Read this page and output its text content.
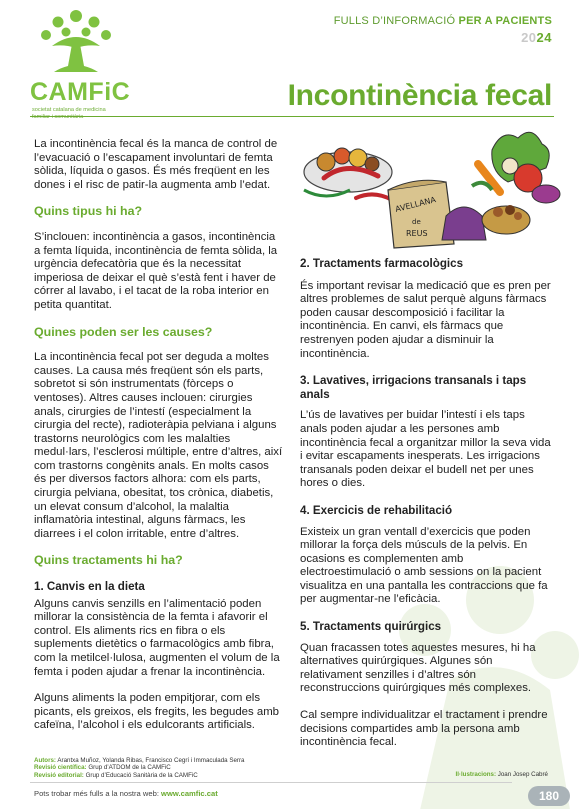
CAMFiC
societat catalana de medicina
familiar i comunitària
FULLS D’INFORMACIÓ PER A PACIENTS
2024
Incontinència fecal

La incontinència fecal és la manca de control de l’evacuació o l’escapament involuntari de femta sòlida, líquida o gasos. És més freqüent en les dones i el risc de patir-la augmenta amb l’edat.

Quins tipus hi ha?

S’inclouen: incontinència a gasos, incontinència a femta líquida, incontinència de femta sòlida, la urgència defecatòria que és la necessitat imperiosa de deixar el què s’està fent i haver de córrer al lavabo, i el tacat de la roba interior en petita quantitat.

Quines poden ser les causes?

La incontinència fecal pot ser deguda a moltes causes. La causa més freqüent són els parts, sobretot si són instrumentats (fòrceps o ventoses). Altres causes inclouen: cirurgies anals, cirurgies de l’intestí (especialment la cirurgia del recte), radioteràpia pelviana i alguns trastorns neurològics com les malalties medul·lars, l’esclerosi múltiple, entre d’altres, així com trastorns congènits anals. En molts casos és per diversos factors alhora: com els parts, cirurgia pelviana, obesitat, tos crònica, diabetis, un elevat consum d’alcohol, la malaltia inflamatòria intestinal, alguns fàrmacs, les diarrees i el colon irritable, entre d’altres.

Quins tractaments hi ha?
1. Canvis en la dieta

Alguns canvis senzills en l’alimentació poden millorar la consistència de la femta i afavorir el control. Els aliments rics en fibra o els suplements dietètics o farmacològics amb fibra, com la metilcel·lulosa, augmenten el volum de la femta i poden ajudar a frenar la incontinència.

Alguns aliments la poden empitjorar, com els picants, els greixos, els fregits, les begudes amb cafeïna, l’alcohol i els edulcorants artificials.

AVELLANA
de
REUS
2. Tractaments farmacològics

És important revisar la medicació que es pren per altres problemes de salut perquè alguns fàrmacs poden causar descomposició i facilitar la incontinència. En canvi, els fàrmacs que restrenyen poden ajudar a disminuir la incontinència.

3. Lavatives, irrigacions transanals i taps anals

L’ús de lavatives per buidar l’intestí i els taps anals poden ajudar a les persones amb incontinència fecal a organitzar millor la seva vida i evitar escapaments inesperats. Les irrigacions transanals poden deixar el budell net per unes hores o dies.

4. Exercicis de rehabilitació

Existeix un gran ventall d’exercicis que poden millorar la força dels músculs de la pelvis. En ocasions es complementen amb electroestimulació o amb sessions on la pacient visualitza en una pantalla les contraccions que fa per augmentar-ne l’eficàcia.

5. Tractaments quirúrgics

Quan fracassen totes aquestes mesures, hi ha alternatives quirúrgiques. Algunes són relativament senzilles i d’altres són reconstruccions quirúrgiques més complexes.

Cal sempre individualitzar el tractament i prendre decisions compartides amb la persona amb incontinència fecal.

Autors: Arantxa Muñoz, Yolanda Ribas, Francisco Cegrí i Immaculada Serra
Revisió científica: Grup d’ATDOM de la CAMFiC
Revisió editorial: Grup d’Educació Sanitària de la CAMFiC	Il·lustracions: Joan Josep Cabré
Pots trobar més fulls a la nostra web: www.camfic.cat	180
